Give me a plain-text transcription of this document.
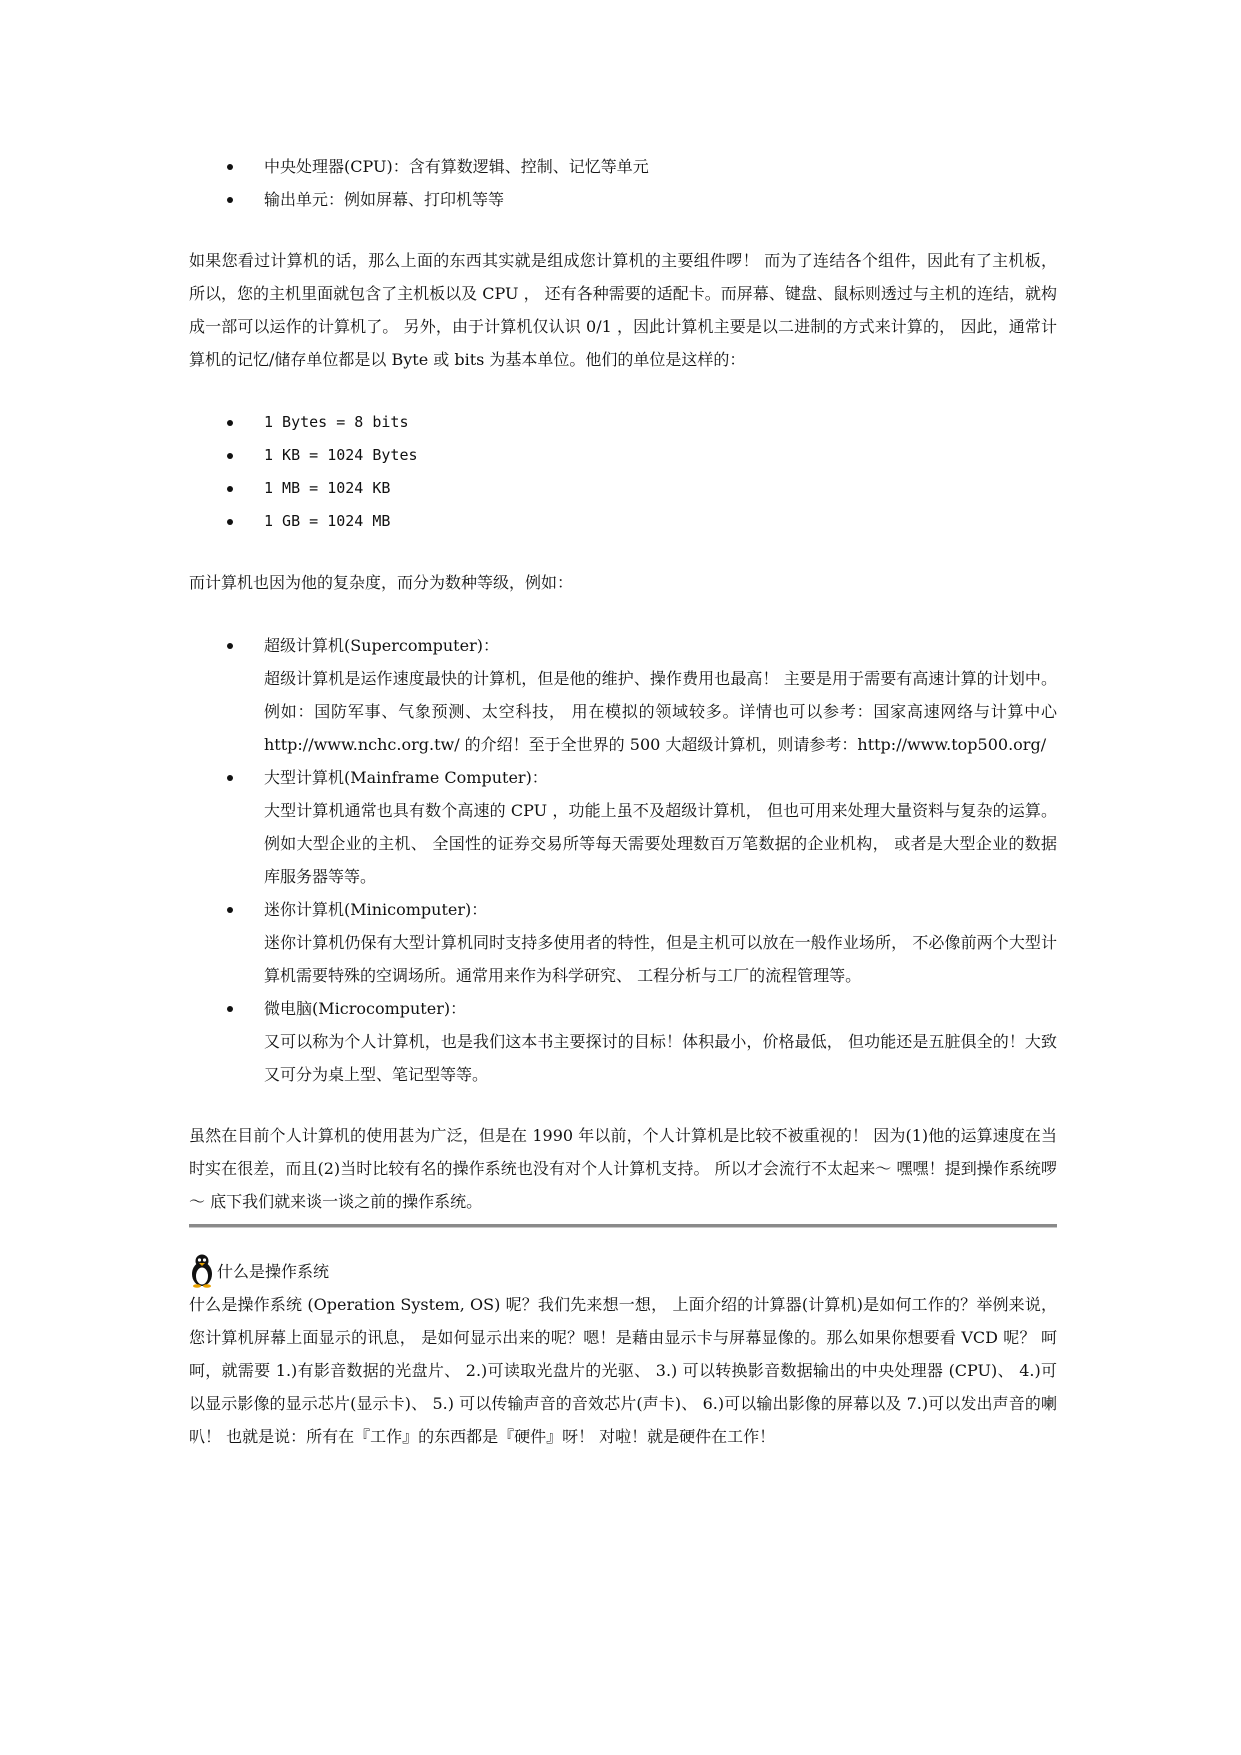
中央处理器(CPU)：含有算数逻辑、控制、记忆等单元
输出单元：例如屏幕、打印机等等

如果您看过计算机的话，那么上面的东西其实就是组成您计算机的主要组件啰！ 而为了连结各个组件，因此有了主机板，所以，您的主机里面就包含了主机板以及 CPU ， 还有各种需要的适配卡。而屏幕、键盘、鼠标则透过与主机的连结，就构成一部可以运作的计算机了。 另外，由于计算机仅认识 0/1 ，因此计算机主要是以二进制的方式来计算的， 因此，通常计算机的记忆/储存单位都是以 Byte 或 bits 为基本单位。他们的单位是这样的：

1 Bytes = 8 bits
1 KB = 1024 Bytes
1 MB = 1024 KB
1 GB = 1024 MB

而计算机也因为他的复杂度，而分为数种等级，例如：

超级计算机(Supercomputer)：
超级计算机是运作速度最快的计算机，但是他的维护、操作费用也最高！ 主要是用于需要有高速计算的计划中。例如：国防军事、气象预测、太空科技， 用在模拟的领域较多。详情也可以参考：国家高速网络与计算中心http://www.nchc.org.tw/ 的介绍！至于全世界的 500 大超级计算机，则请参考：http://www.top500.org/
大型计算机(Mainframe Computer)：
大型计算机通常也具有数个高速的 CPU ，功能上虽不及超级计算机， 但也可用来处理大量资料与复杂的运算。例如大型企业的主机、 全国性的证券交易所等每天需要处理数百万笔数据的企业机构， 或者是大型企业的数据库服务器等等。
迷你计算机(Minicomputer)：
迷你计算机仍保有大型计算机同时支持多使用者的特性，但是主机可以放在一般作业场所， 不必像前两个大型计算机需要特殊的空调场所。通常用来作为科学研究、 工程分析与工厂的流程管理等。
微电脑(Microcomputer)：
又可以称为个人计算机，也是我们这本书主要探讨的目标！体积最小，价格最低， 但功能还是五脏俱全的！大致又可分为桌上型、笔记型等等。

虽然在目前个人计算机的使用甚为广泛，但是在 1990 年以前，个人计算机是比较不被重视的！ 因为(1)他的运算速度在当时实在很差，而且(2)当时比较有名的操作系统也没有对个人计算机支持。 所以才会流行不太起来～ 嘿嘿！提到操作系统啰～ 底下我们就来谈一谈之前的操作系统。

什么是操作系统

什么是操作系统 (Operation System, OS) 呢？我们先来想一想， 上面介绍的计算器(计算机)是如何工作的？举例来说，您计算机屏幕上面显示的讯息， 是如何显示出来的呢？嗯！是藉由显示卡与屏幕显像的。那么如果你想要看 VCD 呢？ 呵呵，就需要 1.)有影音数据的光盘片、 2.)可读取光盘片的光驱、 3.) 可以转换影音数据输出的中央处理器 (CPU)、 4.)可以显示影像的显示芯片(显示卡)、 5.) 可以传输声音的音效芯片(声卡)、 6.)可以输出影像的屏幕以及 7.)可以发出声音的喇叭！ 也就是说：所有在『工作』的东西都是『硬件』呀！ 对啦！就是硬件在工作！
